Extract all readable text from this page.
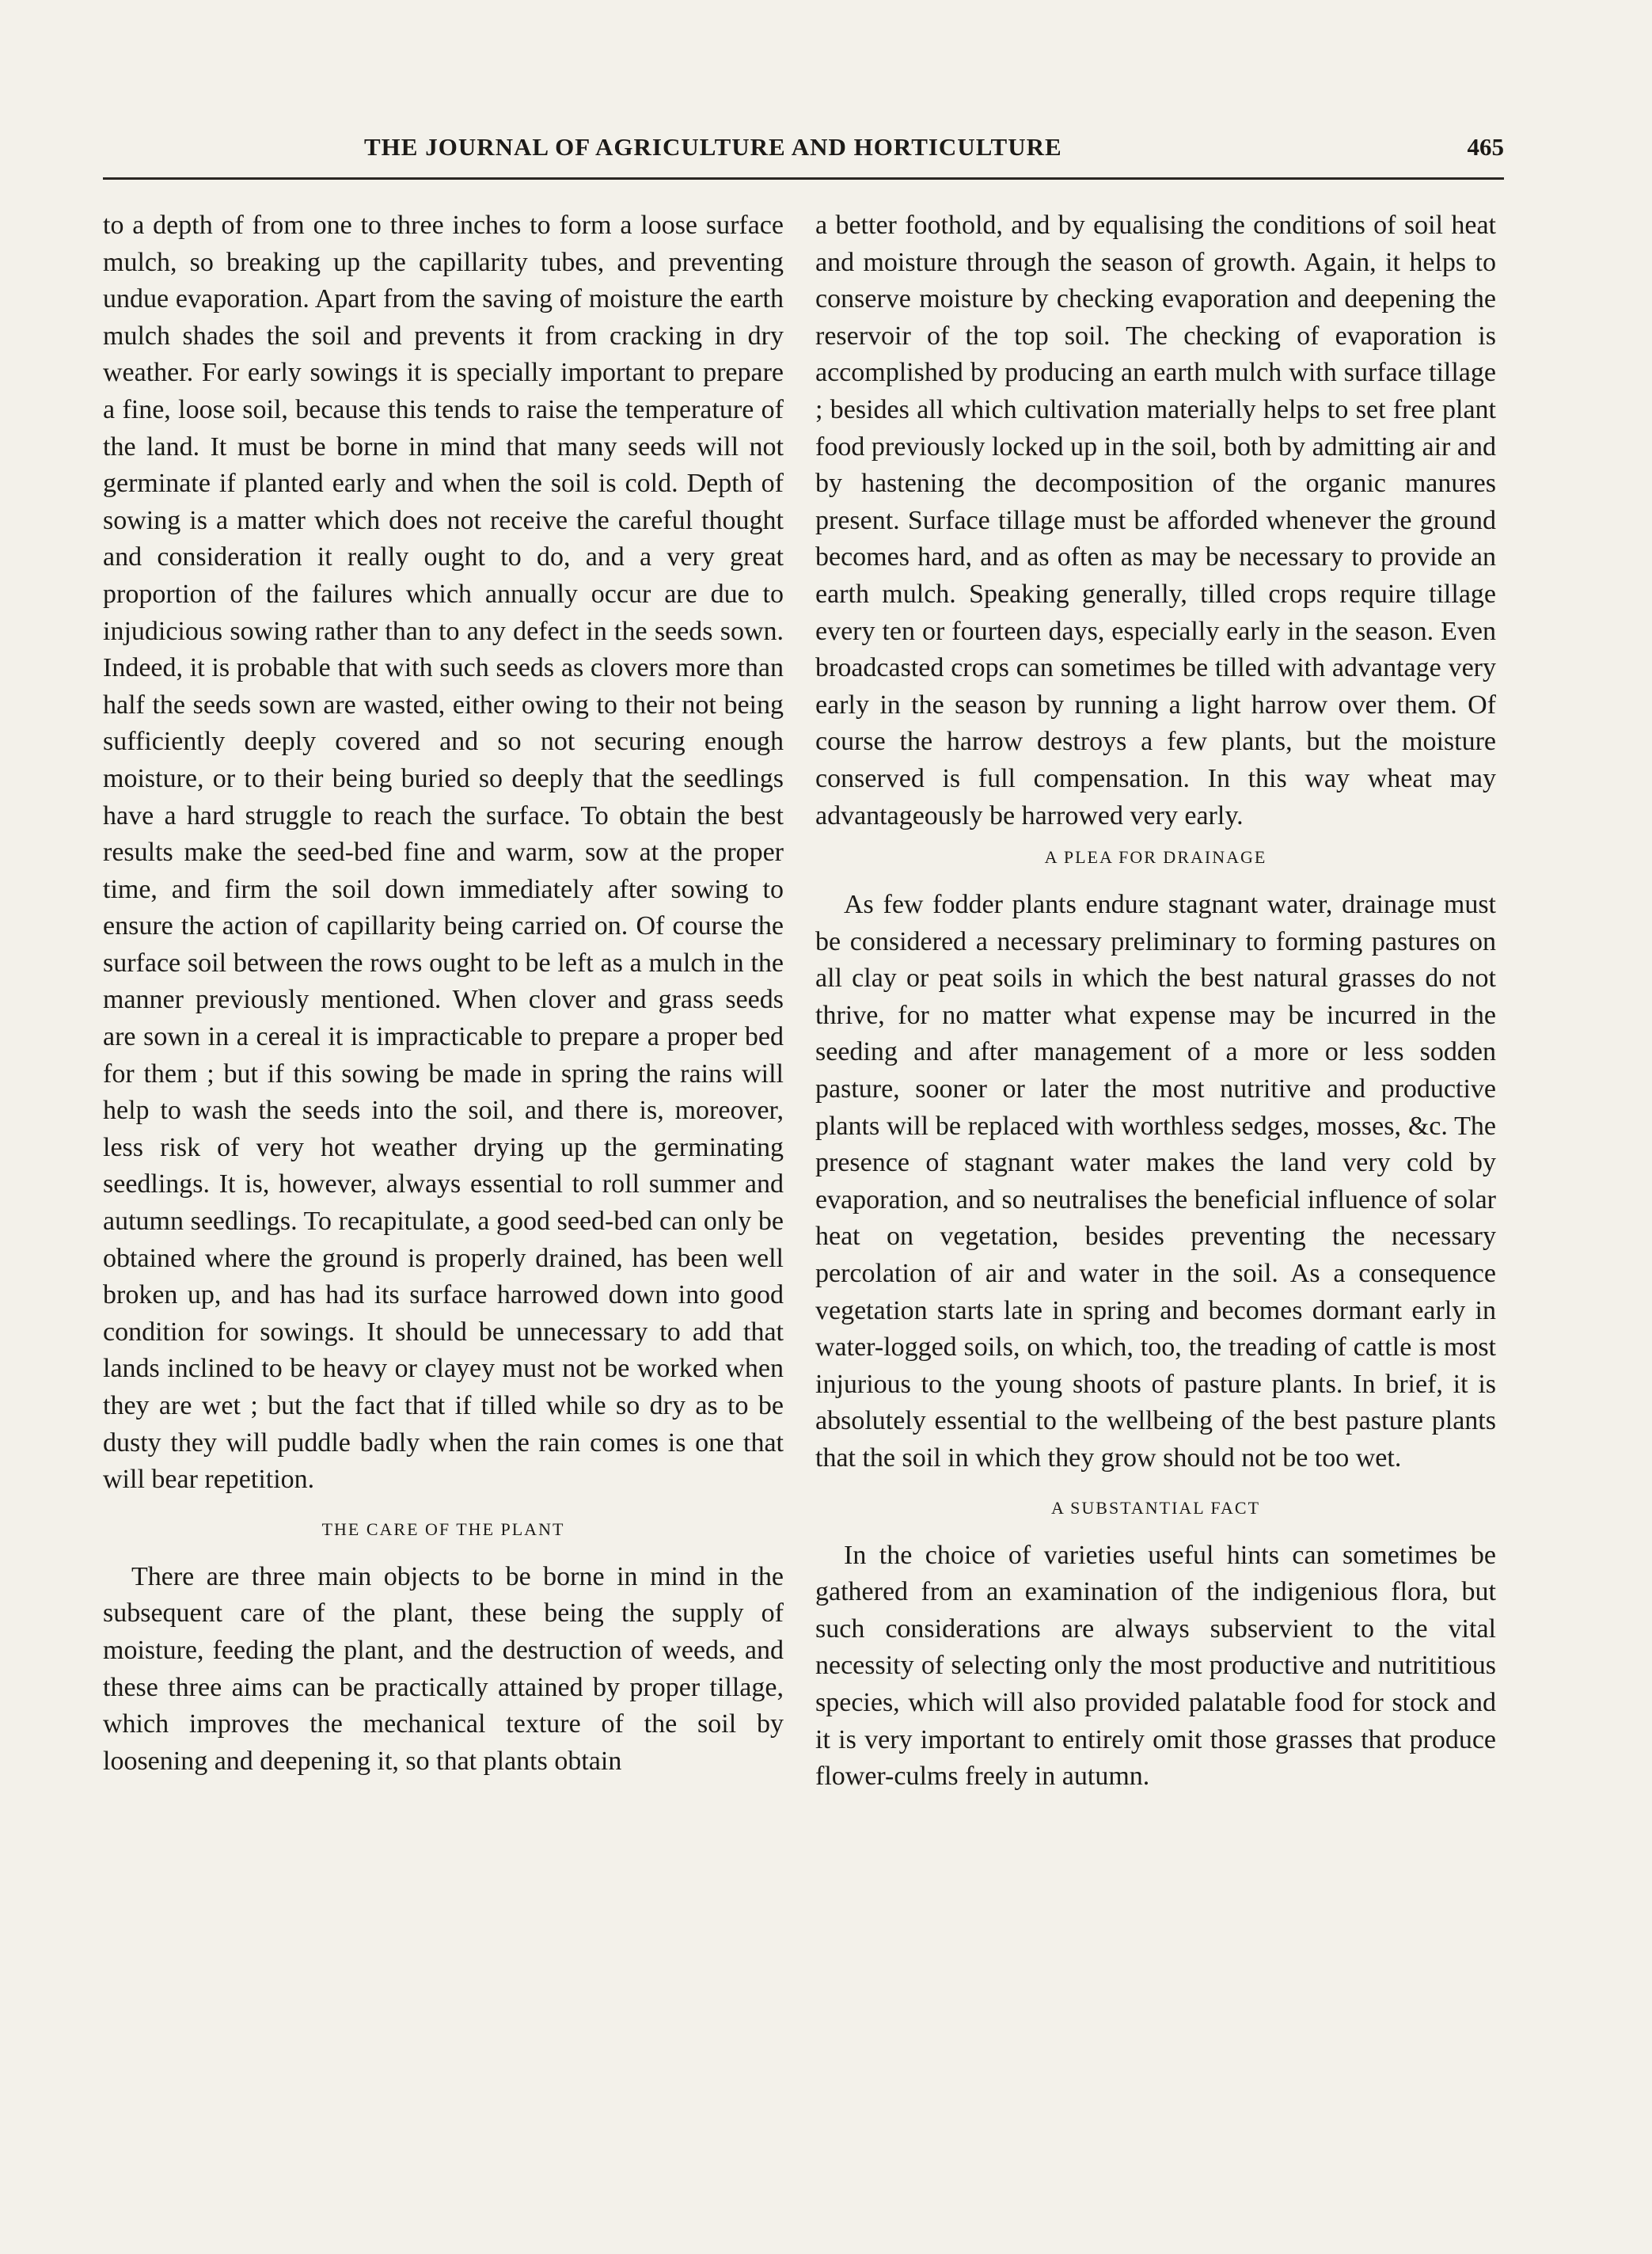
THE JOURNAL OF AGRICULTURE AND HORTICULTURE	465

to a depth of from one to three inches to form a loose surface mulch, so breaking up the capillarity tubes, and preventing undue evaporation. Apart from the saving of moisture the earth mulch shades the soil and prevents it from cracking in dry weather. For early sowings it is specially important to prepare a fine, loose soil, because this tends to raise the temperature of the land. It must be borne in mind that many seeds will not germinate if planted early and when the soil is cold. Depth of sowing is a matter which does not receive the careful thought and consideration it really ought to do, and a very great proportion of the failures which annually occur are due to injudicious sowing rather than to any defect in the seeds sown. Indeed, it is probable that with such seeds as clovers more than half the seeds sown are wasted, either owing to their not being sufficiently deeply covered and so not securing enough moisture, or to their being buried so deeply that the seedlings have a hard struggle to reach the surface. To obtain the best results make the seed-bed fine and warm, sow at the proper time, and firm the soil down immediately after sowing to ensure the action of capillarity being carried on. Of course the surface soil between the rows ought to be left as a mulch in the manner previously mentioned. When clover and grass seeds are sown in a cereal it is impracticable to prepare a proper bed for them ; but if this sowing be made in spring the rains will help to wash the seeds into the soil, and there is, moreover, less risk of very hot weather drying up the germinating seedlings. It is, however, always essential to roll summer and autumn seedlings. To recapitulate, a good seed-bed can only be obtained where the ground is properly drained, has been well broken up, and has had its surface harrowed down into good condition for sowings. It should be unnecessary to add that lands inclined to be heavy or clayey must not be worked when they are wet ; but the fact that if tilled while so dry as to be dusty they will puddle badly when the rain comes is one that will bear repetition.

THE CARE OF THE PLANT

There are three main objects to be borne in mind in the subsequent care of the plant, these being the supply of moisture, feeding the plant, and the destruction of weeds, and these three aims can be practically attained by proper tillage, which improves the mechanical texture of the soil by loosening and deepening it, so that plants obtain

a better foothold, and by equalising the conditions of soil heat and moisture through the season of growth. Again, it helps to conserve moisture by checking evaporation and deepening the reservoir of the top soil. The checking of evaporation is accomplished by producing an earth mulch with surface tillage ; besides all which cultivation materially helps to set free plant food previously locked up in the soil, both by admitting air and by hastening the decomposition of the organic manures present. Surface tillage must be afforded whenever the ground becomes hard, and as often as may be necessary to provide an earth mulch. Speaking generally, tilled crops require tillage every ten or fourteen days, especially early in the season. Even broadcasted crops can sometimes be tilled with advantage very early in the season by running a light harrow over them. Of course the harrow destroys a few plants, but the moisture conserved is full compensation. In this way wheat may advantageously be harrowed very early.

A PLEA FOR DRAINAGE

As few fodder plants endure stagnant water, drainage must be considered a necessary preliminary to forming pastures on all clay or peat soils in which the best natural grasses do not thrive, for no matter what expense may be incurred in the seeding and after management of a more or less sodden pasture, sooner or later the most nutritive and productive plants will be replaced with worthless sedges, mosses, &c. The presence of stagnant water makes the land very cold by evaporation, and so neutralises the beneficial influence of solar heat on vegetation, besides preventing the necessary percolation of air and water in the soil. As a consequence vegetation starts late in spring and becomes dormant early in water-logged soils, on which, too, the treading of cattle is most injurious to the young shoots of pasture plants. In brief, it is absolutely essential to the wellbeing of the best pasture plants that the soil in which they grow should not be too wet.

A SUBSTANTIAL FACT

In the choice of varieties useful hints can sometimes be gathered from an examination of the indigenious flora, but such considerations are always subservient to the vital necessity of selecting only the most productive and nutrititious species, which will also provided palatable food for stock and it is very important to entirely omit those grasses that produce flower-culms freely in autumn.
